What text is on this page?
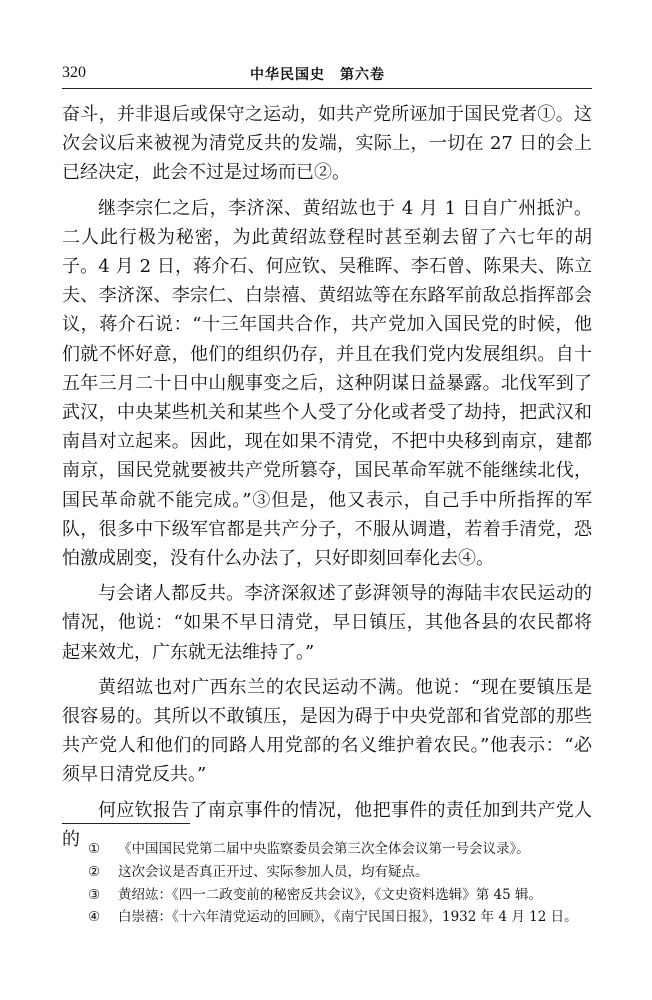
320	中华民国史　第六卷

奋斗，并非退后或保守之运动，如共产党所诬加于国民党者①。这次会议后来被视为清党反共的发端，实际上，一切在 27 日的会上已经决定，此会不过是过场而已②。

继李宗仁之后，李济深、黄绍竑也于 4 月 1 日自广州抵沪。二人此行极为秘密，为此黄绍竑登程时甚至剃去留了六七年的胡子。4 月 2 日，蒋介石、何应钦、吴稚晖、李石曾、陈果夫、陈立夫、李济深、李宗仁、白崇禧、黄绍竑等在东路军前敌总指挥部会议，蒋介石说：“十三年国共合作，共产党加入国民党的时候，他们就不怀好意，他们的组织仍存，并且在我们党内发展组织。自十五年三月二十日中山舰事变之后，这种阴谋日益暴露。北伐军到了武汉，中央某些机关和某些个人受了分化或者受了劫持，把武汉和南昌对立起来。因此，现在如果不清党，不把中央移到南京，建都南京，国民党就要被共产党所篡夺，国民革命军就不能继续北伐，国民革命就不能完成。”③但是，他又表示，自己手中所指挥的军队，很多中下级军官都是共产分子，不服从调遣，若着手清党，恐怕激成剧变，没有什么办法了，只好即刻回奉化去④。

与会诸人都反共。李济深叙述了彭湃领导的海陆丰农民运动的情况，他说：“如果不早日清党，早日镇压，其他各县的农民都将起来效尤，广东就无法维持了。”

黄绍竑也对广西东兰的农民运动不满。他说：“现在要镇压是很容易的。其所以不敢镇压，是因为碍于中央党部和省党部的那些共产党人和他们的同路人用党部的名义维护着农民。”他表示：“必须早日清党反共。”

何应钦报告了南京事件的情况，他把事件的责任加到共产党人的 ① 《中国国民党第二届中央监察委员会第三次全体会议第一号会议录》。
② 这次会议是否真正开过、实际参加人员，均有疑点。
③ 黄绍竑：《四一二政变前的秘密反共会议》，《文史资料选辑》第 45 辑。
④ 白崇禧：《十六年清党运动的回顾》，《南宁民国日报》，1932 年 4 月 12 日。
